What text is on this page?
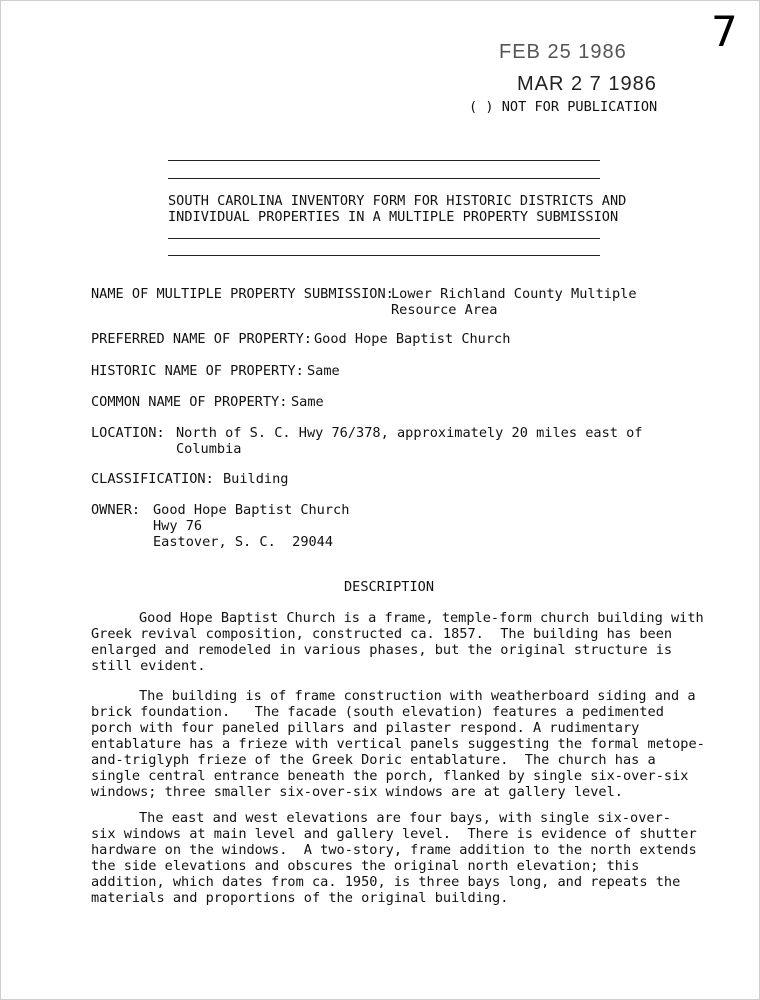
7
FEB 25 1986
MAR 2 7 1986
( ) NOT FOR PUBLICATION
SOUTH CAROLINA INVENTORY FORM FOR HISTORIC DISTRICTS AND
INDIVIDUAL PROPERTIES IN A MULTIPLE PROPERTY SUBMISSION
NAME OF MULTIPLE PROPERTY SUBMISSION:
Lower Richland County Multiple
Resource Area
PREFERRED NAME OF PROPERTY: Good Hope Baptist Church
HISTORIC NAME OF PROPERTY: Same
COMMON NAME OF PROPERTY: Same
LOCATION: North of S. C. Hwy 76/378, approximately 20 miles east of
Columbia
CLASSIFICATION: Building
OWNER: Good Hope Baptist Church
Hwy 76
Eastover, S. C.  29044
DESCRIPTION
Good Hope Baptist Church is a frame, temple-form church building with
Greek revival composition, constructed ca. 1857.  The building has been
enlarged and remodeled in various phases, but the original structure is
still evident.
The building is of frame construction with weatherboard siding and a
brick foundation.   The facade (south elevation) features a pedimented
porch with four paneled pillars and pilaster respond. A rudimentary
entablature has a frieze with vertical panels suggesting the formal metope-
and-triglyph frieze of the Greek Doric entablature.  The church has a
single central entrance beneath the porch, flanked by single six-over-six
windows; three smaller six-over-six windows are at gallery level.
The east and west elevations are four bays, with single six-over-
six windows at main level and gallery level.  There is evidence of shutter
hardware on the windows.  A two-story, frame addition to the north extends
the side elevations and obscures the original north elevation; this
addition, which dates from ca. 1950, is three bays long, and repeats the
materials and proportions of the original building.
